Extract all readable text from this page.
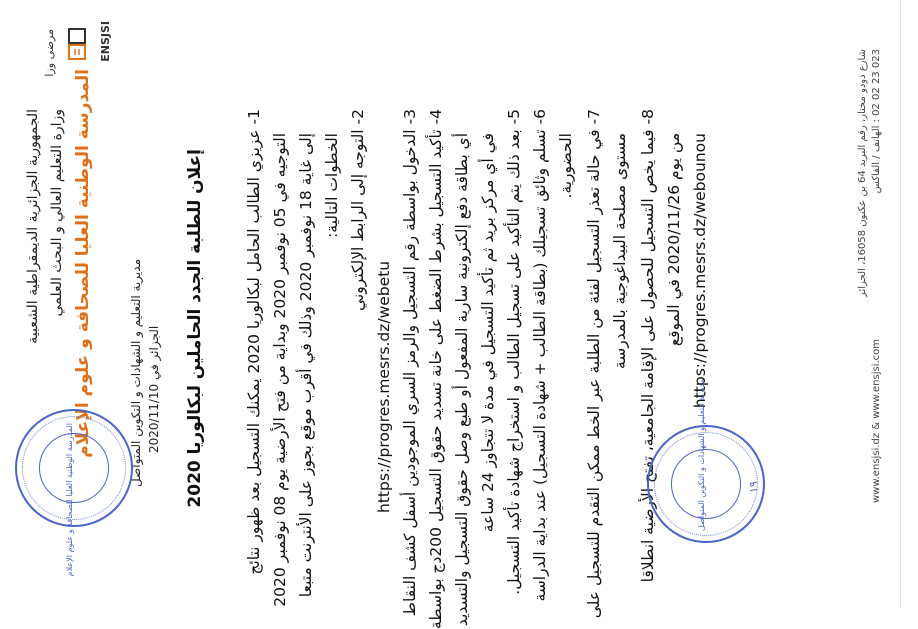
الجمهورية الجزائرية الديمقراطية الشعبية وزارة التعليم العالي و البحث العلمي المدرسة الوطنية العليا للصحافة و علوم الإعلام
مرضى وزا	ENSJSI
مديرية التعليم و الشهادات و التكوين المتواصل الجزائر في 2020/11/10
إعلان للطلبة الجدد الحاملين لبكالوريا 2020
1- عزيزي الطالب الحامل لبكالوريا 2020 يمكنك التسجيل بعد ظهور نتائج
التوجيه في 05 نوفمبر 2020 وبداية من فتح الأرضية يوم 08 نوفمبر 2020
إلى غاية 18 نوفمبر 2020 وذلك في أقرب موقع بجوز على الأنترنت متبعا الخطوات التالية: 2- التوجه إلى الرابط الإلكتروني
https://progres.mesrs.dz/webetu 3- الدخول بواسطة رقم التسجيل والرمز السري الموجودين أسفل كشف النقاط
4- تأكيد التسجيل بشرط الضغط على خانة تسديد حقوق التسجيل 200دج بواسطة
أي بطاقة دفع إلكترونية سارية المفعول أو طبع وصل حقوق التسجيل والتسديد في أي مركز بريد ثم تأكيد التسجيل في مدة لا تتجاوز 24 ساعة 5- بعد ذلك يتم التأكيد على تسجيل الطالب و استخراج شهادة تأكيد التسجيل.
6- تسلم وثائق تسجيلك (بطاقة الطالب + شهادة التسجيل) عند بداية الدراسة
الحضورية. 7- في حالة تعذر التسجيل لفئة من الطلبة عبر الخط ممكن التقدم للتسجيل على
مستوى مصلحة البيداغوجية بالمدرسة 8- فيما يخص التسجيل للحصول على الإقامة الجامعية، تفتح الأرضية انطلاقا
من يوم 2020/11/26 في الموقع https://progres.mesrs.dz/webounou
المدرسة الوطنية العليا للصحافة و علوم الإعلام	مديرية التعليم و الشهادات و التكوين المتواصل	١٩
شارع دودو مختار، رقم البريد 64 بن عكنون 16058، الجزائر 023 23 02 02 : الهاتف / الفاكس
www.ensjsi.dz & www.ensjsi.com
